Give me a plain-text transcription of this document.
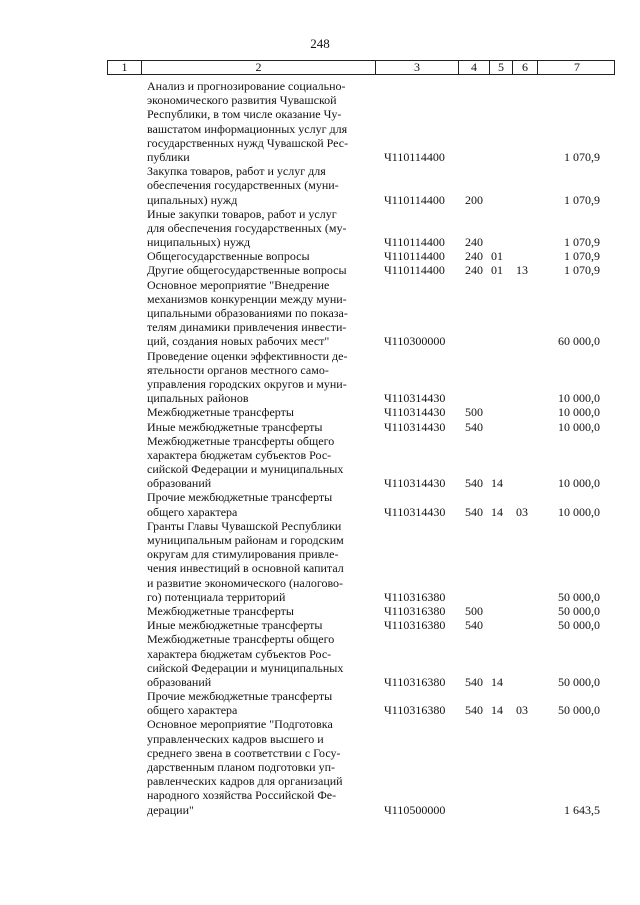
248
1	2	3	4	5	6	7
Анализ и прогнозирование социально-
экономического развития Чувашской
Республики, в том числе оказание Чу-
вашстатом информационных услуг для
государственных нужд Чувашской Рес-
публики	Ч110114400	1 070,9
Закупка товаров, работ и услуг для
обеспечения государственных (муни-
ципальных) нужд	Ч110114400 200	1 070,9
Иные закупки товаров, работ и услуг
для обеспечения государственных (му-
ниципальных) нужд	Ч110114400 240	1 070,9
Общегосударственные вопросы	Ч110114400 240 01	1 070,9
Другие общегосударственные вопросы	Ч110114400 240 01 13	1 070,9
Основное мероприятие "Внедрение
механизмов конкуренции между муни-
ципальными образованиями по показа-
телям динамики привлечения инвести-
ций, создания новых рабочих мест"	Ч110300000	60 000,0
Проведение оценки эффективности де-
ятельности органов местного само-
управления городских округов и муни-
ципальных районов	Ч110314430	10 000,0
Межбюджетные трансферты	Ч110314430 500	10 000,0
Иные межбюджетные трансферты	Ч110314430 540	10 000,0
Межбюджетные трансферты общего
характера бюджетам субъектов Рос-
сийской Федерации и муниципальных
образований	Ч110314430 540 14	10 000,0
Прочие межбюджетные трансферты
общего характера	Ч110314430 540 14 03	10 000,0
Гранты Главы Чувашской Республики
муниципальным районам и городским
округам для стимулирования привле-
чения инвестиций в основной капитал
и развитие экономического (налогово-
го) потенциала территорий	Ч110316380	50 000,0
Межбюджетные трансферты	Ч110316380 500	50 000,0
Иные межбюджетные трансферты	Ч110316380 540	50 000,0
Межбюджетные трансферты общего
характера бюджетам субъектов Рос-
сийской Федерации и муниципальных
образований	Ч110316380 540 14	50 000,0
Прочие межбюджетные трансферты
общего характера	Ч110316380 540 14 03	50 000,0
Основное мероприятие "Подготовка
управленческих кадров высшего и
среднего звена в соответствии с Госу-
дарственным планом подготовки уп-
равленческих кадров для организаций
народного хозяйства Российской Фе-
дерации"	Ч110500000	1 643,5
